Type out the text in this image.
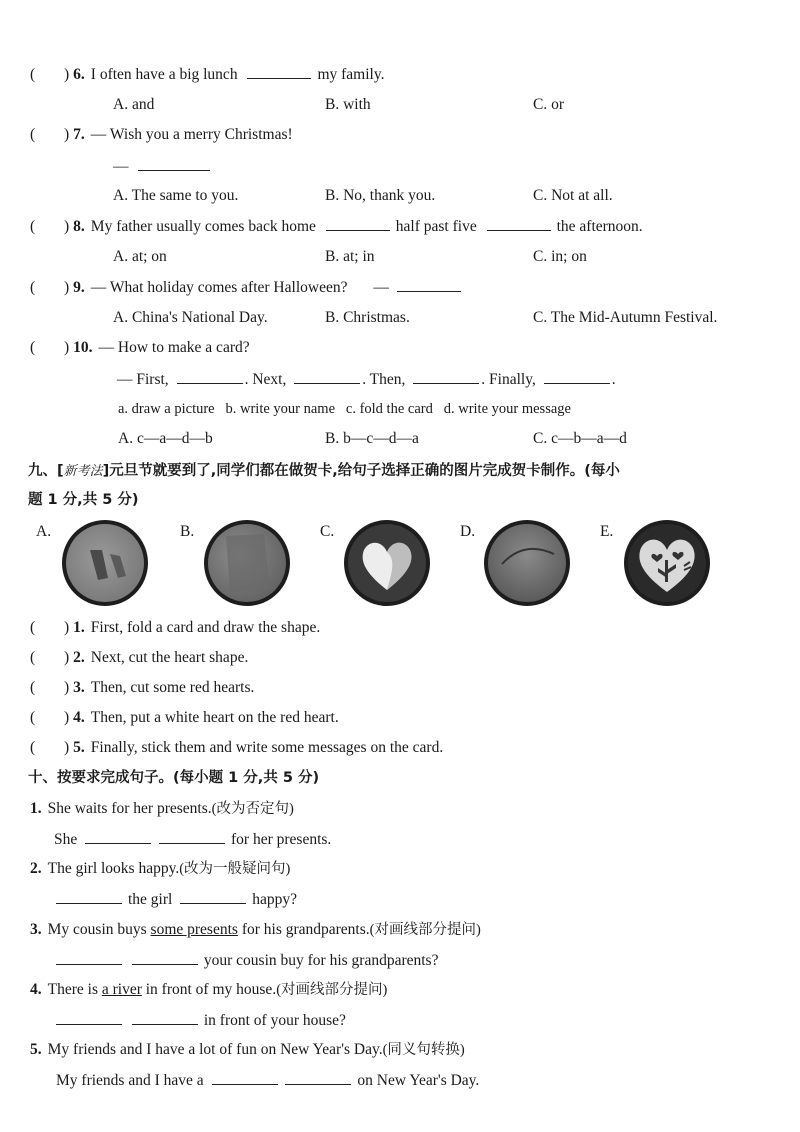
( ) 6. I often have a big lunch	my family.
A. and	B. with	C. or
( ) 7. — Wish you a merry Christmas!
—
A. The same to you.	B. No, thank you.	C. Not at all.
( ) 8. My father usually comes back home	half past five	the afternoon.
A. at; on	B. at; in	C. in; on
( ) 9. — What holiday comes after Halloween? —
A. China's National Day.	B. Christmas.	C. The Mid-Autumn Festival.
( ) 10. — How to make a card?
— First,	. Next,	. Then,	. Finally,	.
a. draw a picture   b. write your name   c. fold the card   d. write your message
A. c—a—d—b	B. b—c—d—a	C. c—b—a—d
九、[新考法]元旦节就要到了,同学们都在做贺卡,给句子选择正确的图片完成贺卡制作。(每小
题 1 分,共 5 分)
A.	B.	C.	D.	E.
( ) 1. First, fold a card and draw the shape.
( ) 2. Next, cut the heart shape.
( ) 3. Then, cut some red hearts.
( ) 4. Then, put a white heart on the red heart.
( ) 5. Finally, stick them and write some messages on the card.
十、按要求完成句子。(每小题 1 分,共 5 分)
1. She waits for her presents.(改为否定句)
She	for her presents.
2. The girl looks happy.(改为一般疑问句)
the girl	happy?
3. My cousin buys some presents for his grandparents.(对画线部分提问)
your cousin buy for his grandparents?
4. There is a river in front of my house.(对画线部分提问)
in front of your house?
5. My friends and I have a lot of fun on New Year's Day.(同义句转换)
My friends and I have a	on New Year's Day.
